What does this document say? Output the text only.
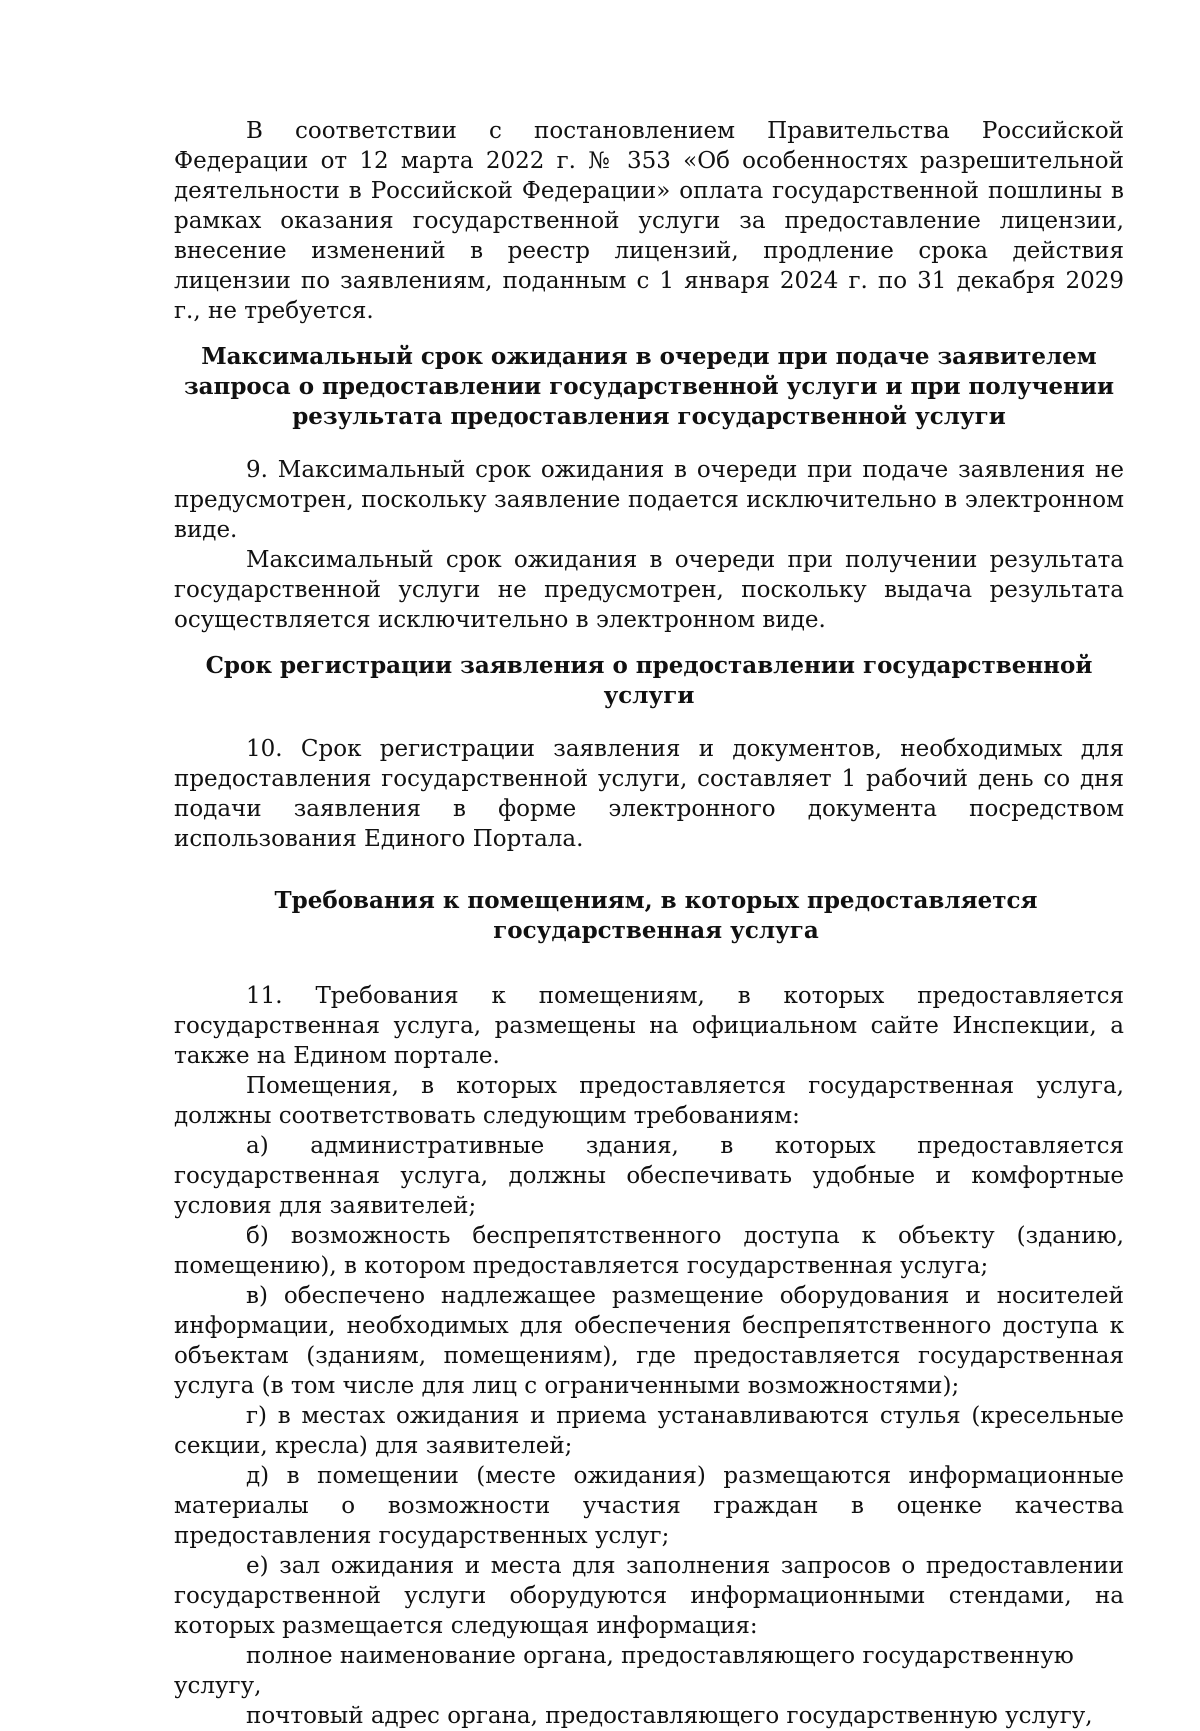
В соответствии с постановлением Правительства Российской Федерации от 12 марта 2022 г. № 353 «Об особенностях разрешительной деятельности в Российской Федерации» оплата государственной пошлины в рамках оказания государственной услуги за предоставление лицензии, внесение изменений в реестр лицензий, продление срока действия лицензии по заявлениям, поданным с 1 января 2024 г. по 31 декабря 2029 г., не требуется.

Максимальный срок ожидания в очереди при подаче заявителем
запроса о предоставлении государственной услуги и при получении
результата предоставления государственной услуги

9. Максимальный срок ожидания в очереди при подаче заявления не предусмотрен, поскольку заявление подается исключительно в электронном виде.

Максимальный срок ожидания в очереди при получении результата государственной услуги не предусмотрен, поскольку выдача результата осуществляется исключительно в электронном виде.

Срок регистрации заявления о предоставлении государственной услуги

10. Срок регистрации заявления и документов, необходимых для предоставления государственной услуги, составляет 1 рабочий день со дня подачи заявления в форме электронного документа посредством использования Единого Портала.

Требования к помещениям, в которых предоставляется
государственная услуга

11. Требования к помещениям, в которых предоставляется государственная услуга, размещены на официальном сайте Инспекции, а также на Едином портале.

Помещения, в которых предоставляется государственная услуга, должны соответствовать следующим требованиям:

а) административные здания, в которых предоставляется государственная услуга, должны обеспечивать удобные и комфортные условия для заявителей;

б) возможность беспрепятственного доступа к объекту (зданию, помещению), в котором предоставляется государственная услуга;

в) обеспечено надлежащее размещение оборудования и носителей информации, необходимых для обеспечения беспрепятственного доступа к объектам (зданиям, помещениям), где предоставляется государственная услуга (в том числе для лиц с ограниченными возможностями);

г) в местах ожидания и приема устанавливаются стулья (кресельные секции, кресла) для заявителей;

д) в помещении (месте ожидания) размещаются информационные материалы о возможности участия граждан в оценке качества предоставления государственных услуг;

е) зал ожидания и места для заполнения запросов о предоставлении государственной услуги оборудуются информационными стендами, на которых размещается следующая информация:

полное наименование органа, предоставляющего государственную услугу,

почтовый адрес органа, предоставляющего государственную услугу,
